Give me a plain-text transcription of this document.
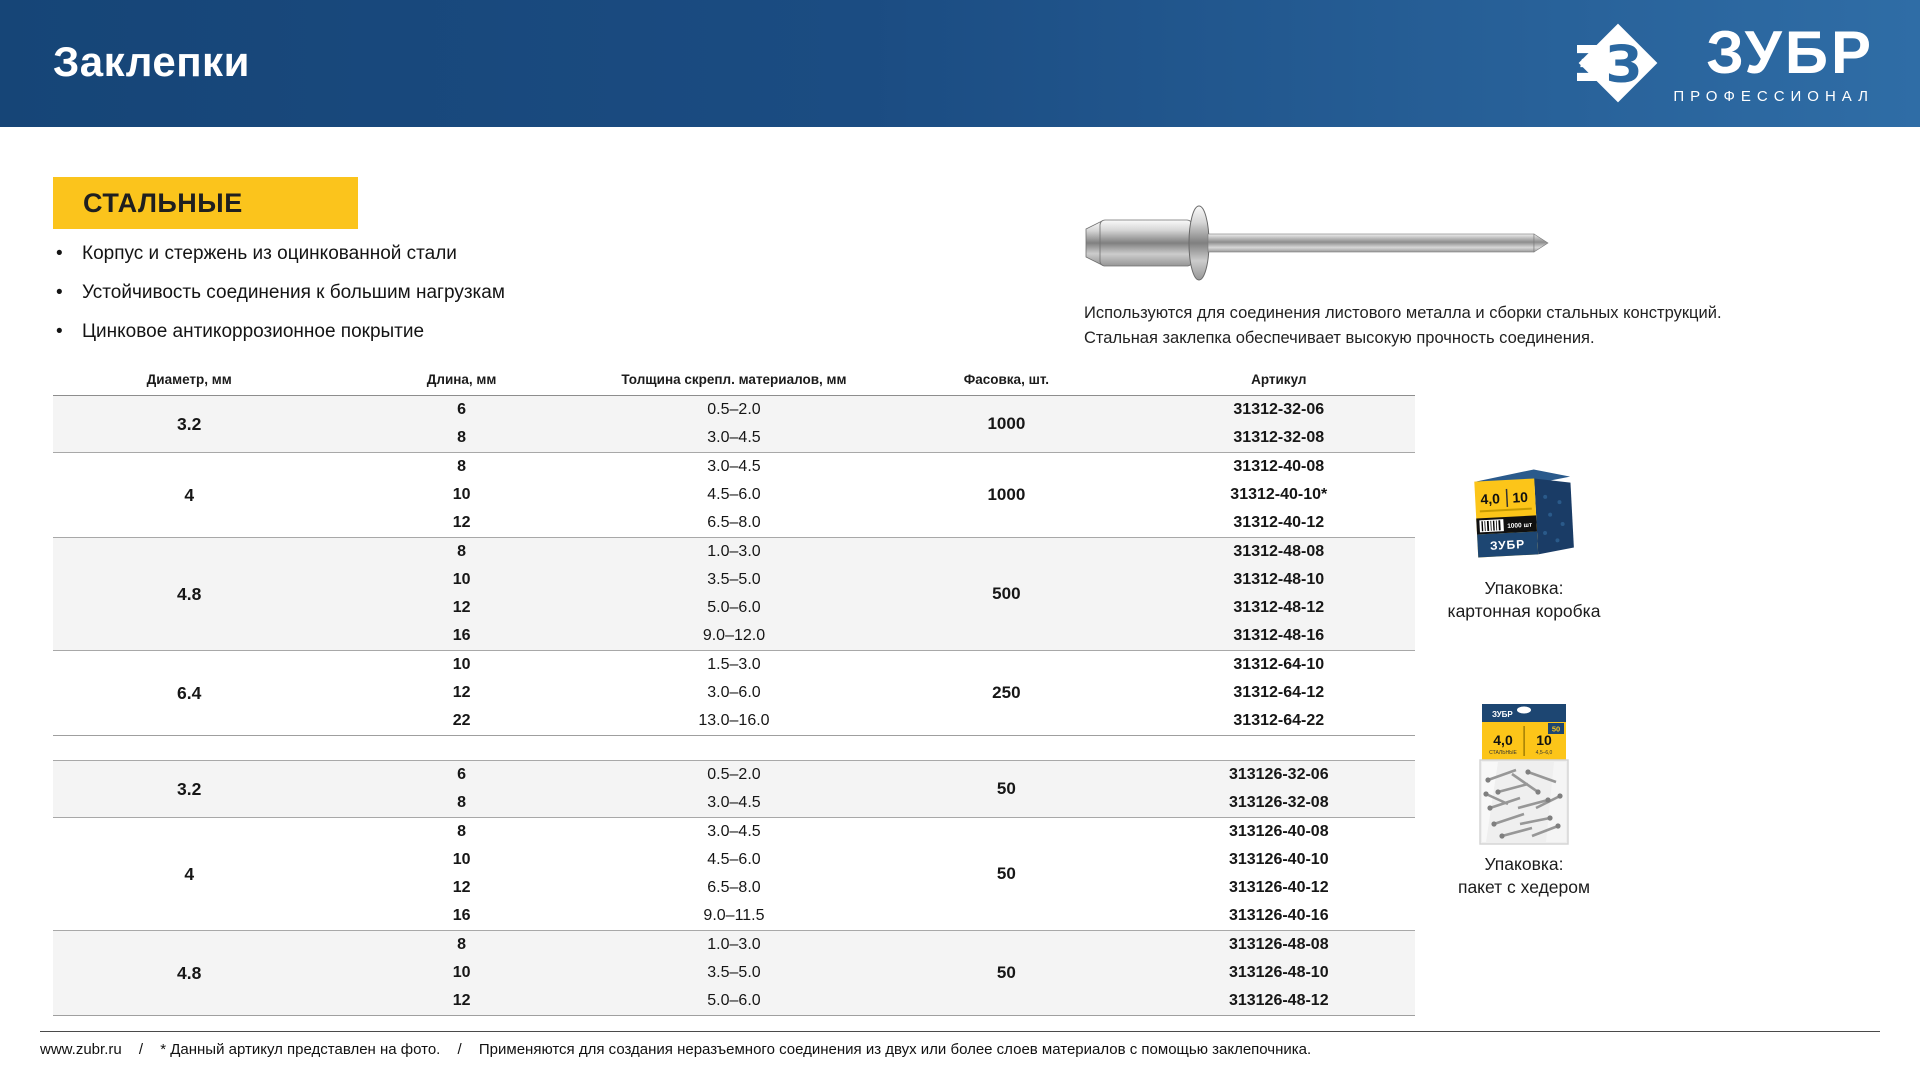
Заклепки	З ЗУБР
ПРОФЕССИОНАЛ
СТАЛЬНЫЕ
• Корпус и стержень из оцинкованной стали
• Устойчивость соединения к большим нагрузкам
• Цинковое антикоррозионное покрытие
Используются для соединения листового металла и сборки стальных конструкций.
Стальная заклепка обеспечивает высокую прочность соединения.
Диаметр, мм	Длина, мм	Толщина скрепл. материалов, мм	Фасовка, шт.	Артикул
3.2	6	0.5–2.0	1000	31312-32-06
	8	3.0–4.5		31312-32-08
4	8	3.0–4.5	1000	31312-40-08
	10	4.5–6.0		31312-40-10*
	12	6.5–8.0		31312-40-12
4.8	8	1.0–3.0	500	31312-48-08
	10	3.5–5.0		31312-48-10
	12	5.0–6.0		31312-48-12
	16	9.0–12.0		31312-48-16
6.4	10	1.5–3.0	250	31312-64-10
	12	3.0–6.0		31312-64-12
	22	13.0–16.0		31312-64-22
3.2	6	0.5–2.0	50	313126-32-06
	8	3.0–4.5		313126-32-08
4	8	3.0–4.5	50	313126-40-08
	10	4.5–6.0		313126-40-10
	12	6.5–8.0		313126-40-12
	16	9.0–11.5		313126-40-16
4.8	8	1.0–3.0	50	313126-48-08
	10	3.5–5.0		313126-48-10
	12	5.0–6.0		313126-48-12
4,0 10
1000 шт
ЗУБР
Упаковка:
картонная коробка
ЗУБР
50
4,0 10
СТАЛЬНЫЕ	4,5–6,0
Упаковка:
пакет с хедером
www.zubr.ru / * Данный артикул представлен на фото. / Применяются для создания неразъемного соединения из двух или более слоев материалов с помощью заклепочника.
